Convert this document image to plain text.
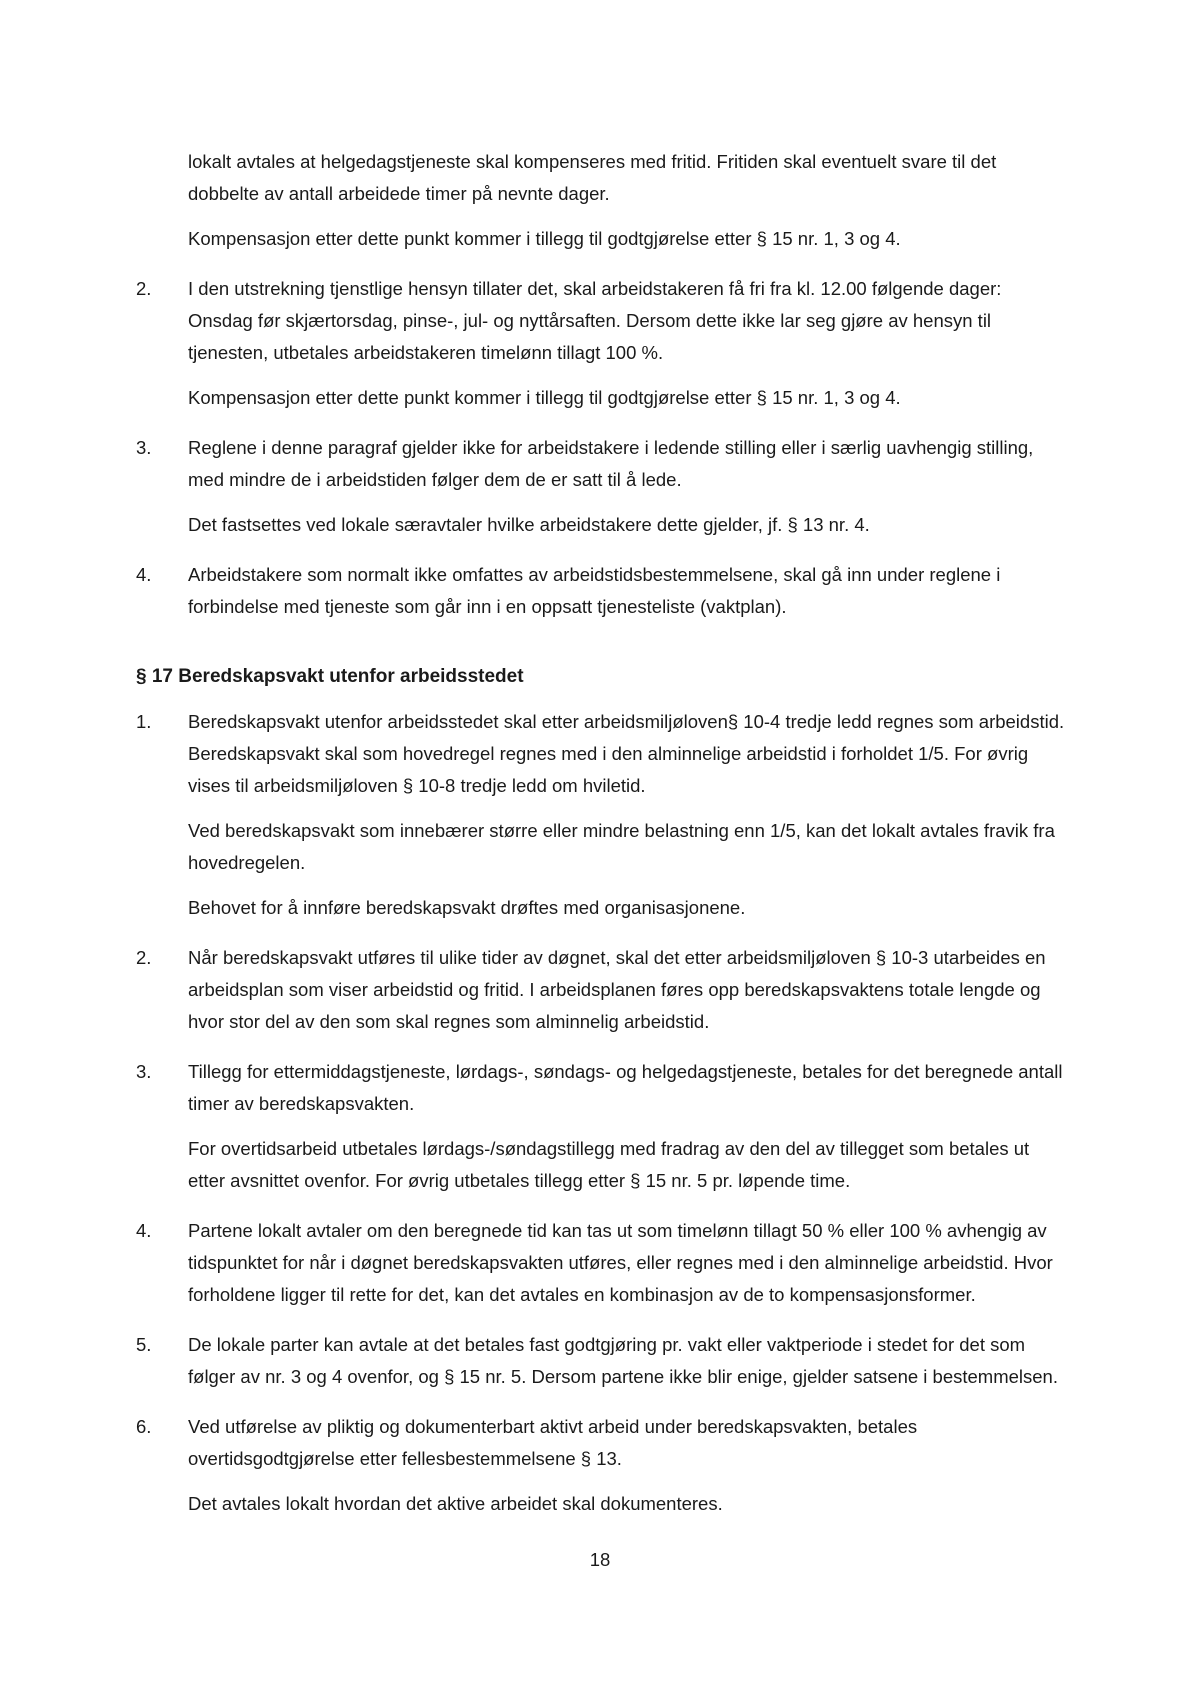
lokalt avtales at helgedagstjeneste skal kompenseres med fritid. Fritiden skal eventuelt svare til det dobbelte av antall arbeidede timer på nevnte dager.

Kompensasjon etter dette punkt kommer i tillegg til godtgjørelse etter § 15 nr. 1, 3 og 4.

2.	I den utstrekning tjenstlige hensyn tillater det, skal arbeidstakeren få fri fra kl. 12.00 følgende dager: Onsdag før skjærtorsdag, pinse-, jul- og nyttårsaften. Dersom dette ikke lar seg gjøre av hensyn til tjenesten, utbetales arbeidstakeren timelønn tillagt 100 %.

Kompensasjon etter dette punkt kommer i tillegg til godtgjørelse etter § 15 nr. 1, 3 og 4.

3.	Reglene i denne paragraf gjelder ikke for arbeidstakere i ledende stilling eller i særlig uavhengig stilling, med mindre de i arbeidstiden følger dem de er satt til å lede.

Det fastsettes ved lokale særavtaler hvilke arbeidstakere dette gjelder, jf. § 13 nr. 4.

4.	Arbeidstakere som normalt ikke omfattes av arbeidstidsbestemmelsene, skal gå inn under reglene i forbindelse med tjeneste som går inn i en oppsatt tjenesteliste (vaktplan).

§ 17 Beredskapsvakt utenfor arbeidsstedet

1.	Beredskapsvakt utenfor arbeidsstedet skal etter arbeidsmiljøloven§ 10-4 tredje ledd regnes som arbeidstid. Beredskapsvakt skal som hovedregel regnes med i den alminnelige arbeidstid i forholdet 1/5. For øvrig vises til arbeidsmiljøloven § 10-8 tredje ledd om hviletid.

Ved beredskapsvakt som innebærer større eller mindre belastning enn 1/5, kan det lokalt avtales fravik fra hovedregelen.

Behovet for å innføre beredskapsvakt drøftes med organisasjonene.

2.	Når beredskapsvakt utføres til ulike tider av døgnet, skal det etter arbeidsmiljøloven § 10-3 utarbeides en arbeidsplan som viser arbeidstid og fritid. I arbeidsplanen føres opp beredskapsvaktens totale lengde og hvor stor del av den som skal regnes som alminnelig arbeidstid.

3.	Tillegg for ettermiddagstjeneste, lørdags-, søndags- og helgedagstjeneste, betales for det beregnede antall timer av beredskapsvakten.

For overtidsarbeid utbetales lørdags-/søndagstillegg med fradrag av den del av tillegget som betales ut etter avsnittet ovenfor. For øvrig utbetales tillegg etter § 15 nr. 5 pr. løpende time.

4.	Partene lokalt avtaler om den beregnede tid kan tas ut som timelønn tillagt 50 % eller 100 % avhengig av tidspunktet for når i døgnet beredskapsvakten utføres, eller regnes med i den alminnelige arbeidstid. Hvor forholdene ligger til rette for det, kan det avtales en kombinasjon av de to kompensasjonsformer.

5.	De lokale parter kan avtale at det betales fast godtgjøring pr. vakt eller vaktperiode i stedet for det som følger av nr. 3 og 4 ovenfor, og § 15 nr. 5. Dersom partene ikke blir enige, gjelder satsene i bestemmelsen.

6.	Ved utførelse av pliktig og dokumenterbart aktivt arbeid under beredskapsvakten, betales overtidsgodtgjørelse etter fellesbestemmelsene § 13.

Det avtales lokalt hvordan det aktive arbeidet skal dokumenteres.

18
